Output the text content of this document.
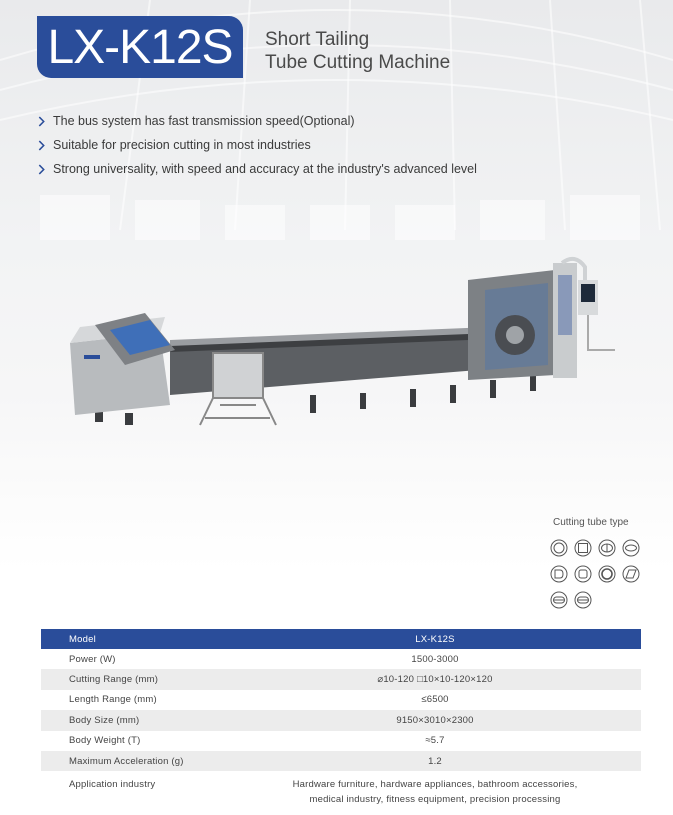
LX-K12S Short Tailing
Tube Cutting Machine
The bus system has fast transmission speed(Optional)
Suitable for precision cutting in most industries
Strong universality, with speed and accuracy at the industry's advanced level
Cutting tube type
Model	LX-K12S
Power (W)	1500-3000
Cutting Range (mm)	⌀10-120 □10×10-120×120
Length Range (mm)	≤6500
Body Size (mm)	9150×3010×2300
Body Weight (T)	≈5.7
Maximum Acceleration (g)	1.2
Application industry	Hardware furniture, hardware appliances, bathroom accessories,
medical industry, fitness equipment, precision processing
